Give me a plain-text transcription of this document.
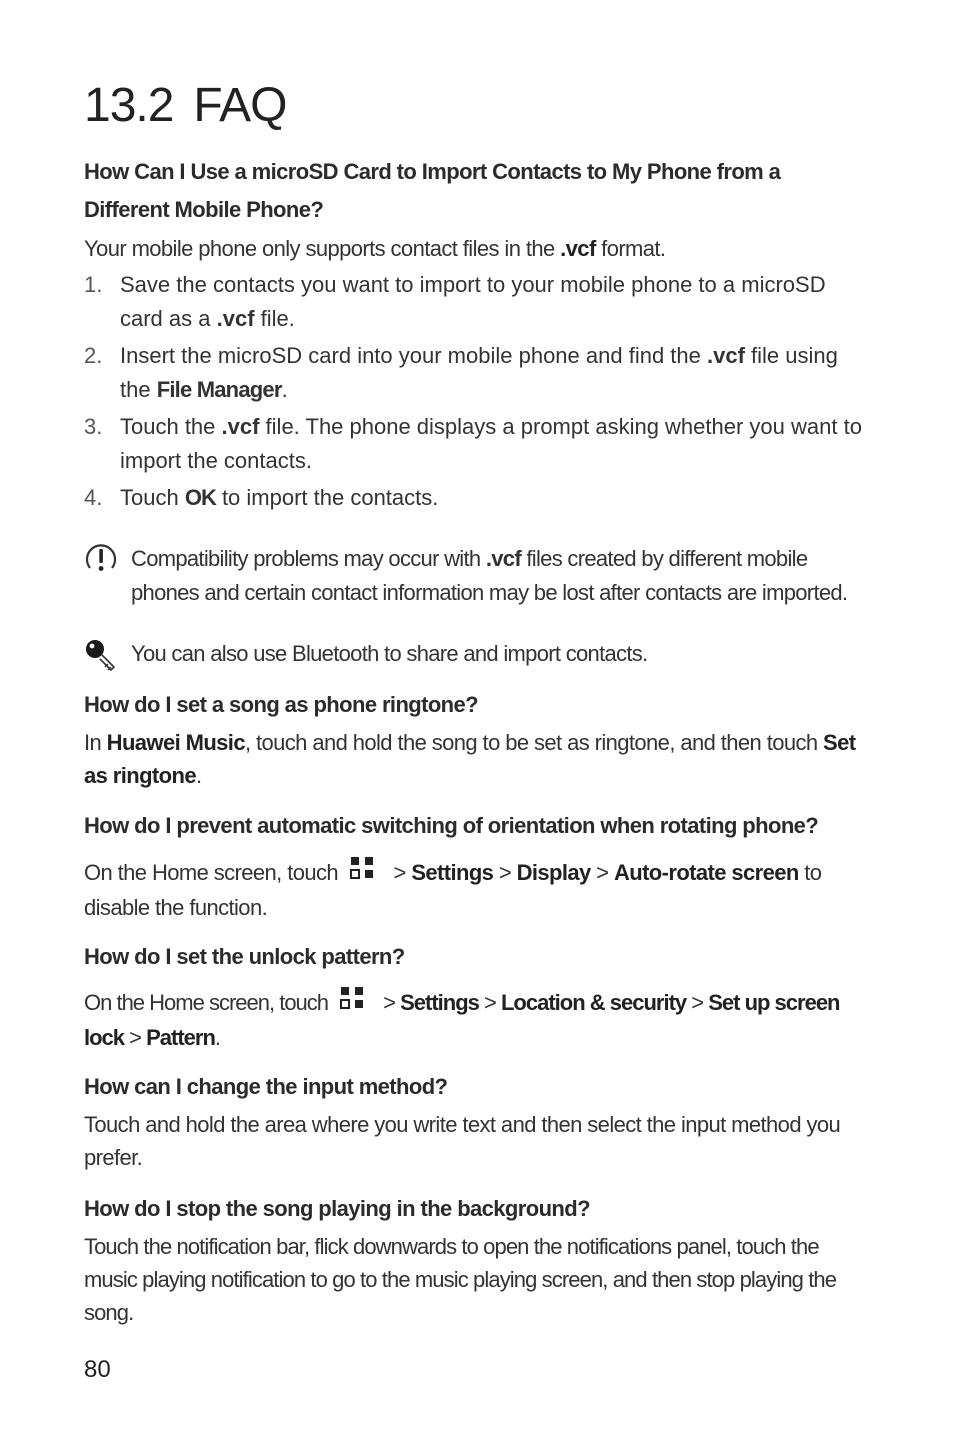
13.2 FAQ
How Can I Use a microSD Card to Import Contacts to My Phone from a
Different Mobile Phone?
Your mobile phone only supports contact files in the .vcf format.
1. Save the contacts you want to import to your mobile phone to a microSD card as a .vcf file.
2. Insert the microSD card into your mobile phone and find the .vcf file using the File Manager.
3. Touch the .vcf file. The phone displays a prompt asking whether you want to import the contacts.
4. Touch OK to import the contacts.
Compatibility problems may occur with .vcf files created by different mobile phones and certain contact information may be lost after contacts are imported.
You can also use Bluetooth to share and import contacts.
How do I set a song as phone ringtone?
In Huawei Music, touch and hold the song to be set as ringtone, and then touch Set as ringtone.
How do I prevent automatic switching of orientation when rotating phone?
On the Home screen, touch > Settings > Display > Auto-rotate screen to disable the function.
How do I set the unlock pattern?
On the Home screen, touch > Settings > Location & security > Set up screen lock > Pattern.
How can I change the input method?
Touch and hold the area where you write text and then select the input method you prefer.
How do I stop the song playing in the background?
Touch the notification bar, flick downwards to open the notifications panel, touch the music playing notification to go to the music playing screen, and then stop playing the song.
80
